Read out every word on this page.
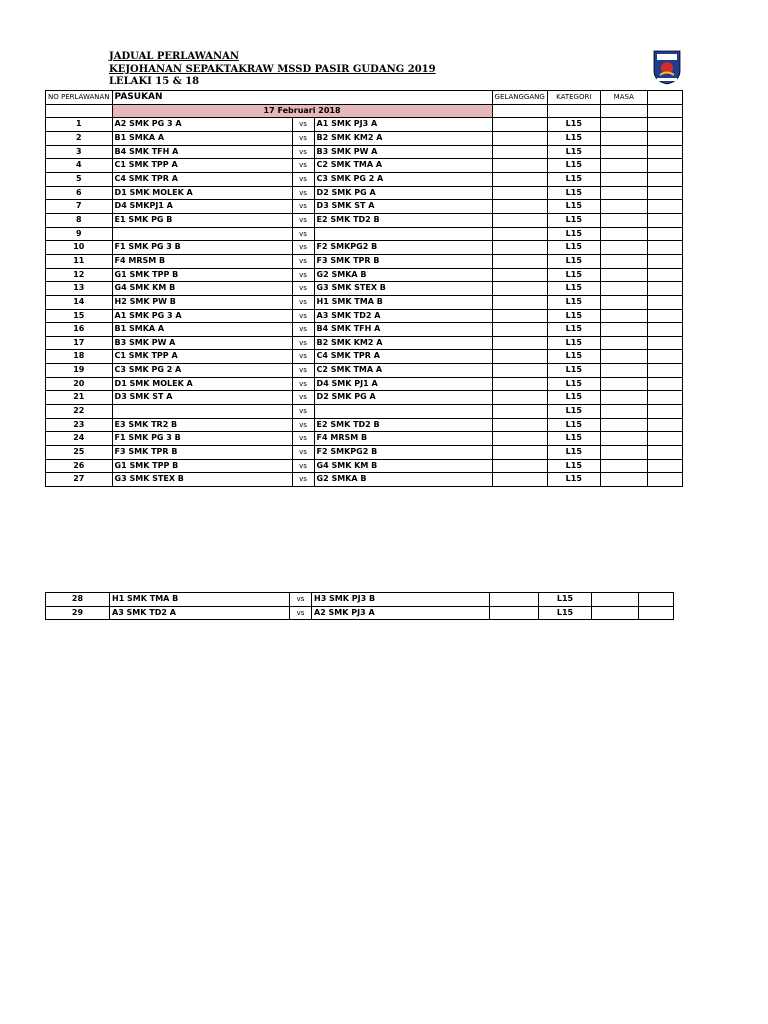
JADUAL PERLAWANAN
KEJOHANAN SEPAKTAKRAW MSSD PASIR GUDANG 2019
LELAKI 15 & 18
NO PERLAWANAN	PASUKAN			GELANGGANG	KATEGORI	MASA	
	17 Februari 2018						
1	A2 SMK PG 3 A	vs	A1 SMK PJ3 A		L15		
2	B1 SMKA A	vs	B2 SMK KM2 A		L15		
3	B4 SMK TFH A	vs	B3 SMK PW A		L15		
4	C1 SMK TPP A	vs	C2 SMK TMA A		L15		
5	C4 SMK TPR A	vs	C3 SMK PG 2 A		L15		
6	D1 SMK MOLEK A	vs	D2 SMK PG A		L15		
7	D4 SMKPJ1 A	vs	D3 SMK ST A		L15		
8	E1 SMK PG B	vs	E2 SMK TD2 B		L15		
9		vs			L15		
10	F1 SMK PG 3 B	vs	F2 SMKPG2 B		L15		
11	F4 MRSM B	vs	F3 SMK TPR B		L15		
12	G1 SMK TPP B	vs	G2 SMKA B		L15		
13	G4 SMK KM B	vs	G3 SMK STEX B		L15		
14	H2 SMK PW B	vs	H1 SMK TMA B		L15		
15	A1 SMK PG 3 A	vs	A3 SMK TD2 A		L15		
16	B1 SMKA A	vs	B4 SMK TFH A		L15		
17	B3 SMK PW A	vs	B2 SMK KM2 A		L15		
18	C1 SMK TPP A	vs	C4 SMK TPR A		L15		
19	C3 SMK PG 2 A	vs	C2 SMK TMA A		L15		
20	D1 SMK MOLEK A	vs	D4 SMK PJ1 A		L15		
21	D3 SMK ST A	vs	D2 SMK PG A		L15		
22		vs			L15		
23	E3 SMK TR2 B	vs	E2 SMK TD2 B		L15		
24	F1 SMK PG 3 B	vs	F4 MRSM B		L15		
25	F3 SMK TPR B	vs	F2 SMKPG2 B		L15		
26	G1 SMK TPP B	vs	G4 SMK KM B		L15		
27	G3 SMK STEX B	vs	G2 SMKA B		L15		
28	H1 SMK TMA B	vs	H3 SMK PJ3 B		L15		
29	A3 SMK TD2 A	vs	A2 SMK PJ3 A		L15		
